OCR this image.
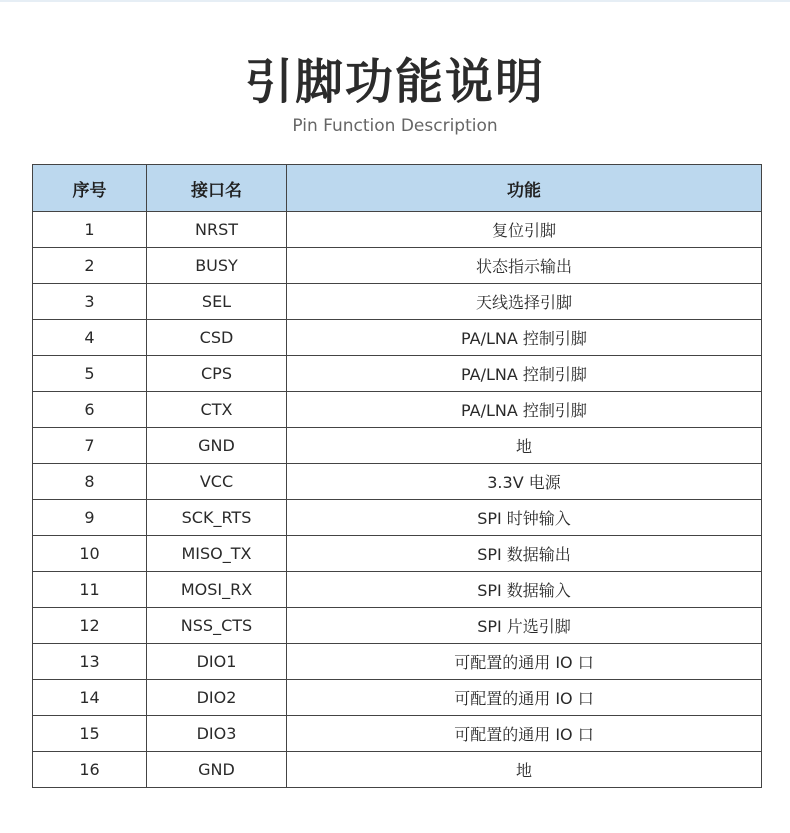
引脚功能说明
Pin Function Description
序号	接口名	功能
1	NRST	复位引脚
2	BUSY	状态指示输出
3	SEL	天线选择引脚
4	CSD	PA/LNA 控制引脚
5	CPS	PA/LNA 控制引脚
6	CTX	PA/LNA 控制引脚
7	GND	地
8	VCC	3.3V 电源
9	SCK_RTS	SPI 时钟输入
10	MISO_TX	SPI 数据输出
11	MOSI_RX	SPI 数据输入
12	NSS_CTS	SPI 片选引脚
13	DIO1	可配置的通用 IO 口
14	DIO2	可配置的通用 IO 口
15	DIO3	可配置的通用 IO 口
16	GND	地
